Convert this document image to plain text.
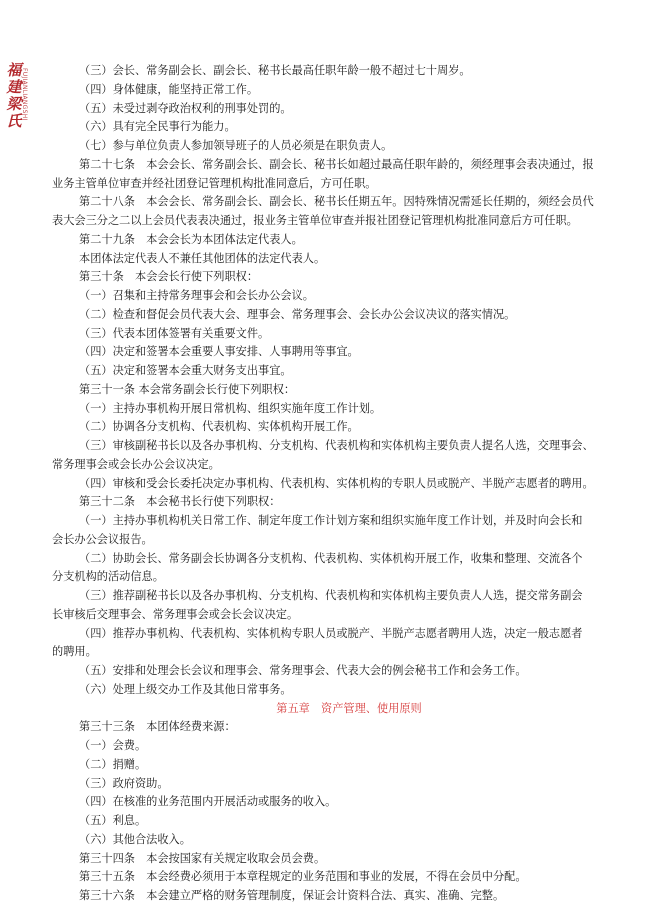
福
建
梁
氏
FUJIANLIANGSHI	（三）会长、常务副会长、副会长、秘书长最高任职年龄一般不超过七十周岁。
（四）身体健康，能坚持正常工作。
（五）未受过剥夺政治权利的刑事处罚的。
（六）具有完全民事行为能力。
（七）参与单位负责人参加领导班子的人员必须是在职负责人。
第二十七条　本会会长、常务副会长、副会长、秘书长如超过最高任职年龄的，须经理事会表决通过，报
业务主管单位审查并经社团登记管理机构批准同意后，方可任职。
第二十八条　本会会长、常务副会长、副会长、秘书长任期五年。因特殊情况需延长任期的，须经会员代
表大会三分之二以上会员代表表决通过，报业务主管单位审查并报社团登记管理机构批准同意后方可任职。
第二十九条　本会会长为本团体法定代表人。
本团体法定代表人不兼任其他团体的法定代表人。
第三十条　本会会长行使下列职权：
（一）召集和主持常务理事会和会长办公会议。
（二）检查和督促会员代表大会、理事会、常务理事会、会长办公会议决议的落实情况。
（三）代表本团体签署有关重要文件。
（四）决定和签署本会重要人事安排、人事聘用等事宜。
（五）决定和签署本会重大财务支出事宜。
第三十一条 本会常务副会长行使下列职权：
（一）主持办事机构开展日常机构、组织实施年度工作计划。
（二）协调各分支机构、代表机构、实体机构开展工作。
（三）审核副秘书长以及各办事机构、分支机构、代表机构和实体机构主要负责人提名人选，交理事会、
常务理事会或会长办公会议决定。
（四）审核和受会长委托决定办事机构、代表机构、实体机构的专职人员或脱产、半脱产志愿者的聘用。
第三十二条　本会秘书长行使下列职权：
（一）主持办事机构机关日常工作、制定年度工作计划方案和组织实施年度工作计划，并及时向会长和
会长办公会议报告。
（二）协助会长、常务副会长协调各分支机构、代表机构、实体机构开展工作，收集和整理、交流各个
分支机构的活动信息。
（三）推荐副秘书长以及各办事机构、分支机构、代表机构和实体机构主要负责人人选，提交常务副会
长审核后交理事会、常务理事会或会长会议决定。
（四）推荐办事机构、代表机构、实体机构专职人员或脱产、半脱产志愿者聘用人选，决定一般志愿者
的聘用。
（五）安排和处理会长会议和理事会、常务理事会、代表大会的例会秘书工作和会务工作。
（六）处理上级交办工作及其他日常事务。
第五章　资产管理、使用原则
第三十三条　本团体经费来源：
（一）会费。
（二）捐赠。
（三）政府资助。
（四）在核准的业务范围内开展活动或服务的收入。
（五）利息。
（六）其他合法收入。
第三十四条　本会按国家有关规定收取会员会费。
第三十五条　本会经费必须用于本章程规定的业务范围和事业的发展，不得在会员中分配。
第三十六条　本会建立严格的财务管理制度，保证会计资料合法、真实、准确、完整。
